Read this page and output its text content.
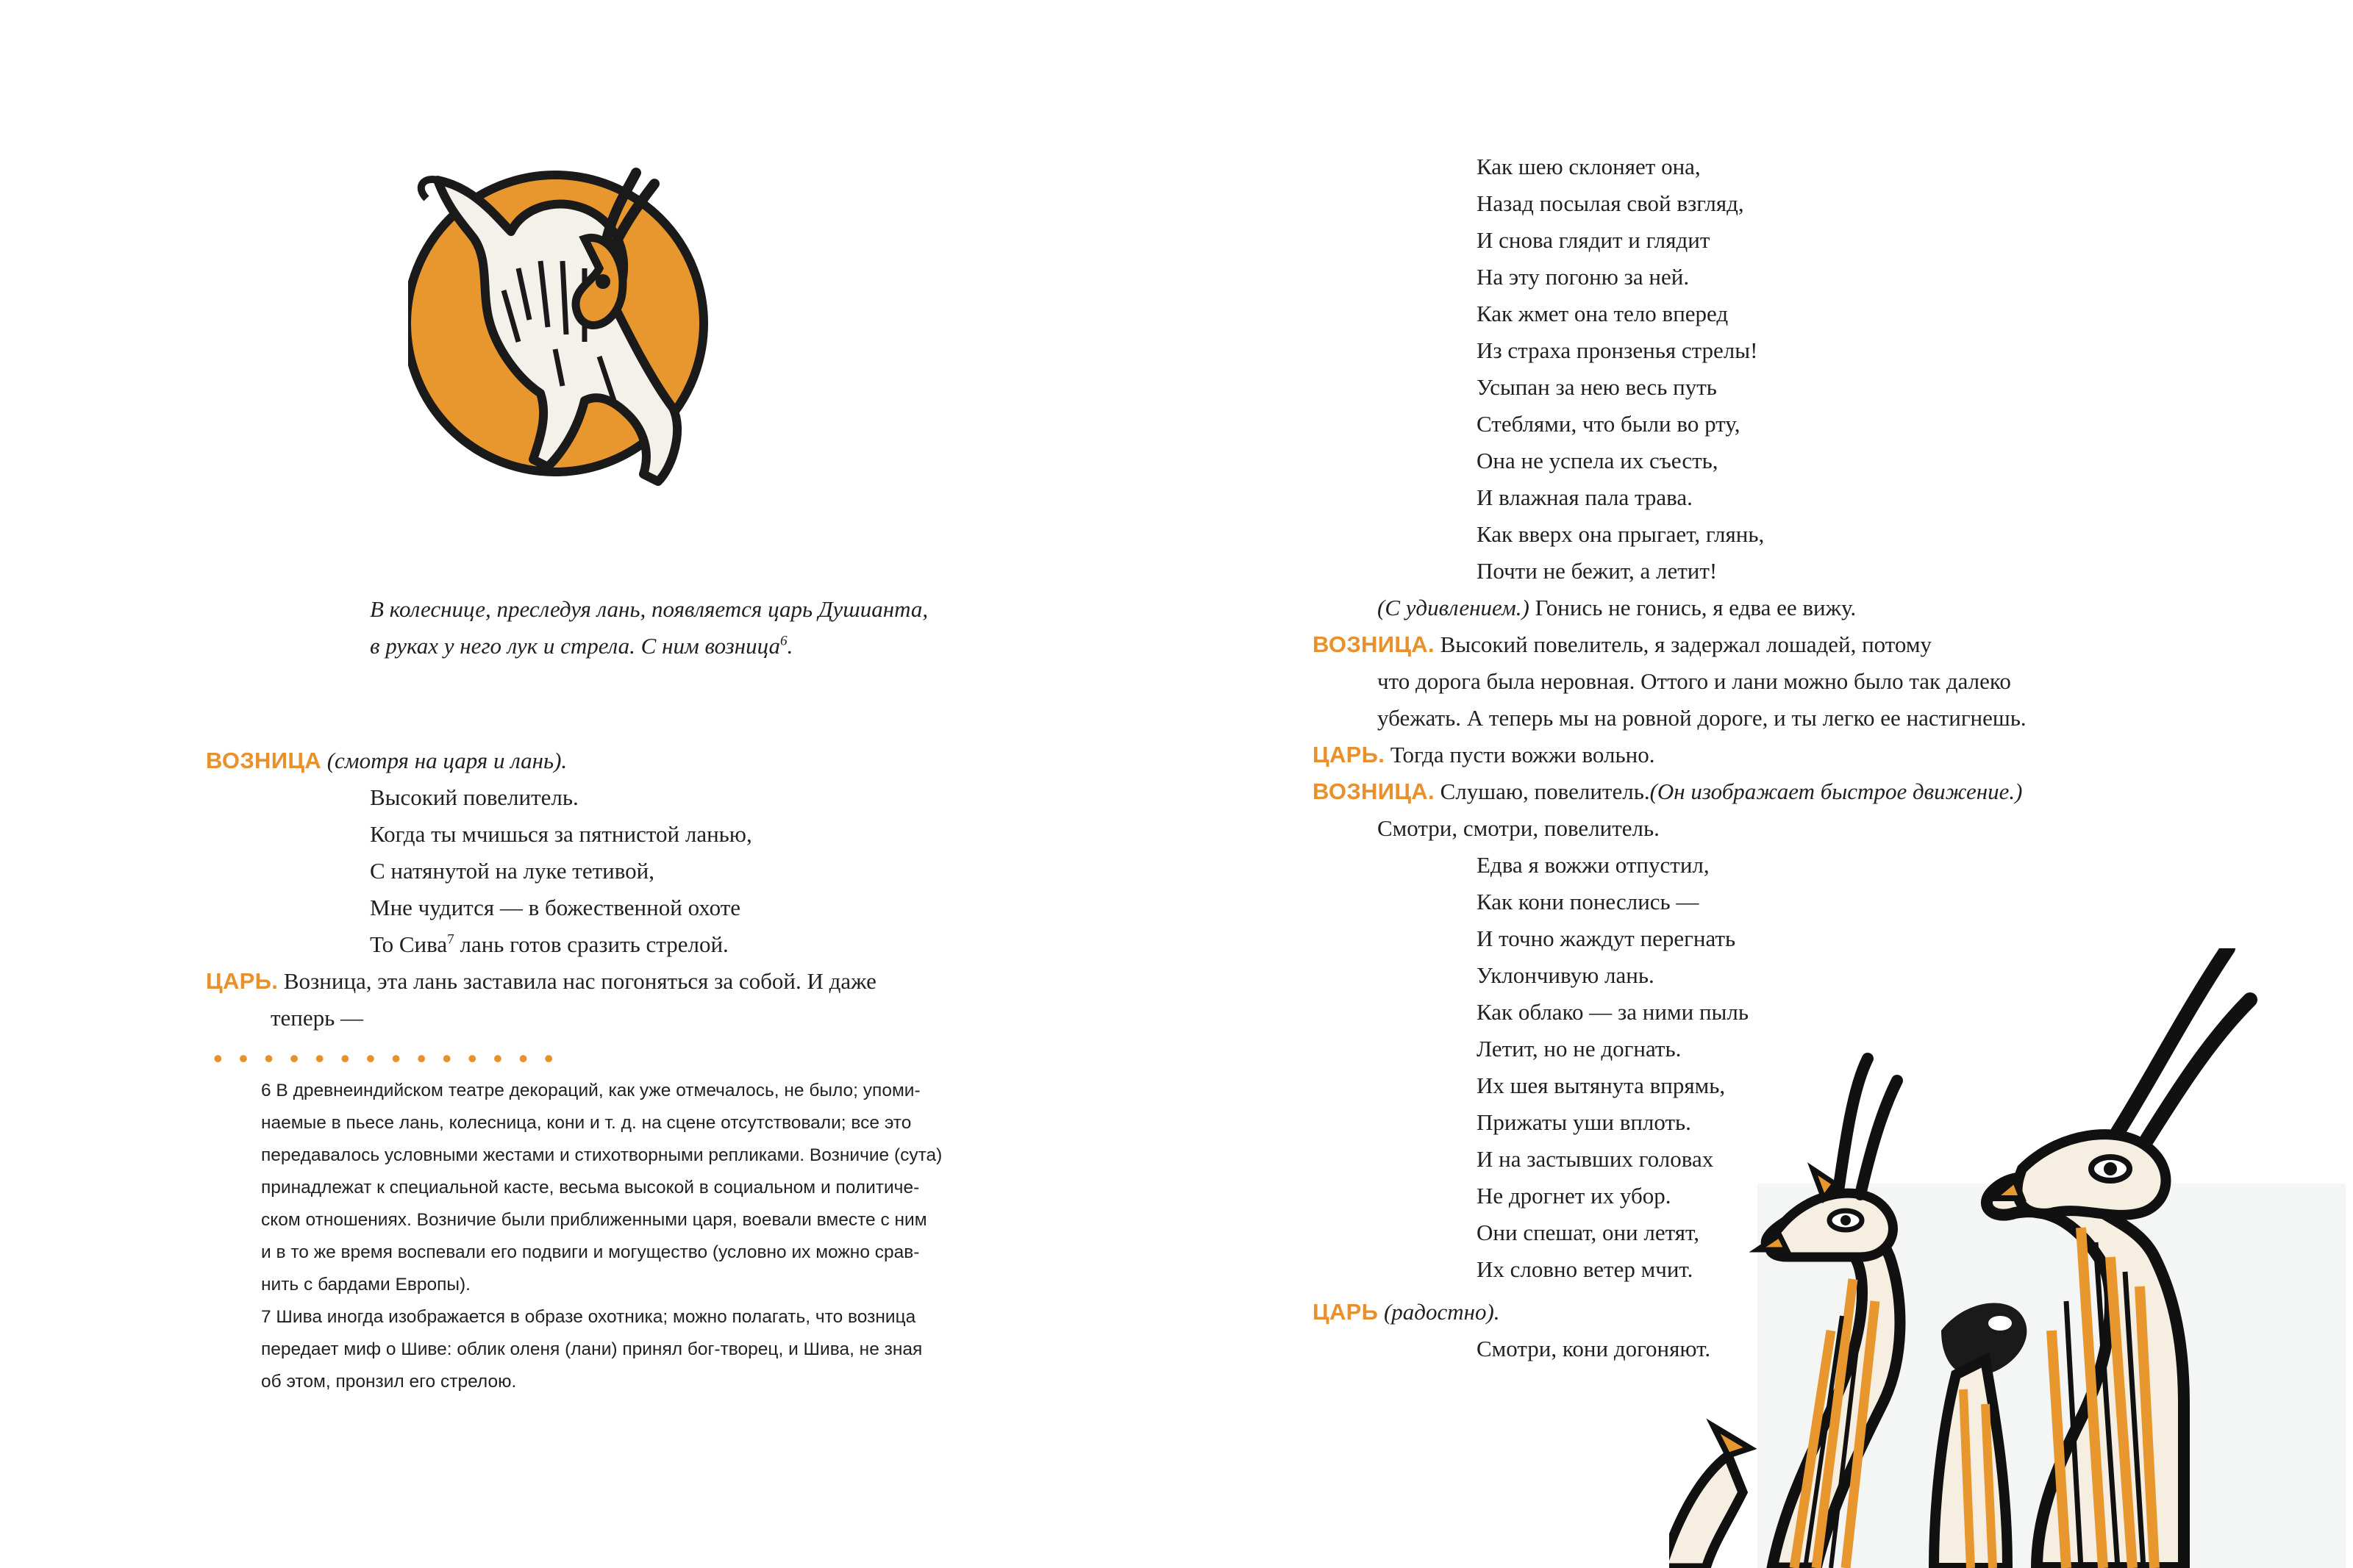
В колеснице, преследуя лань, появляется царь Душианта,
в руках у него лук и стрела. С ним возница$^6$.
ВОЗНИЦА (смотря на царя и лань).
Высокий повелитель.
Когда ты мчишься за пятнистой ланью,
С натянутой на луке тетивой,
Мне чудится — в божественной охоте
То Сива$^7$ лань готов сразить стрелой.
ЦАРЬ. Возница, эта лань заставила нас погоняться за собой. И даже
теперь —
• • • • • • • • • • • • • •
6 В древнеиндийском театре декораций, как уже отмечалось, не было; упоми-
наемые в пьесе лань, колесница, кони и т. д. на сцене отсутствовали; все это
передавалось условными жестами и стихотворными репликами. Возничие (сута)
принадлежат к специальной касте, весьма высокой в социальном и политиче-
ском отношениях. Возничие были приближенными царя, воевали вместе с ним
и в то же время воспевали его подвиги и могущество (условно их можно срав-
нить с бардами Европы).
7 Шива иногда изображается в образе охотника; можно полагать, что возница
передает миф о Шиве: облик оленя (лани) принял бог-творец, и Шива, не зная
об этом, пронзил его стрелою.
Как шею склоняет она,
Назад посылая свой взгляд,
И снова глядит и глядит
На эту погоню за ней.
Как жмет она тело вперед
Из страха пронзенья стрелы!
Усыпан за нею весь путь
Стеблями, что были во рту,
Она не успела их съесть,
И влажная пала трава.
Как вверх она прыгает, глянь,
Почти не бежит, а летит!
(С удивлением.) Гонись не гонись, я едва ее вижу.
ВОЗНИЦА. Высокий повелитель, я задержал лошадей, потому
что дорога была неровная. Оттого и лани можно было так далеко
убежать. А теперь мы на ровной дороге, и ты легко ее настигнешь.
ЦАРЬ. Тогда пусти вожжи вольно.
ВОЗНИЦА. Слушаю, повелитель.(Он изображает быстрое движение.)
Смотри, смотри, повелитель.
Едва я вожжи отпустил,
Как кони понеслись —
И точно жаждут перегнать
Уклончивую лань.
Как облако — за ними пыль
Летит, но не догнать.
Их шея вытянута впрямь,
Прижаты уши вплоть.
И на застывших головах
Не дрогнет их убор.
Они спешат, они летят,
Их словно ветер мчит.
ЦАРЬ (радостно).
Смотри, кони догоняют.
